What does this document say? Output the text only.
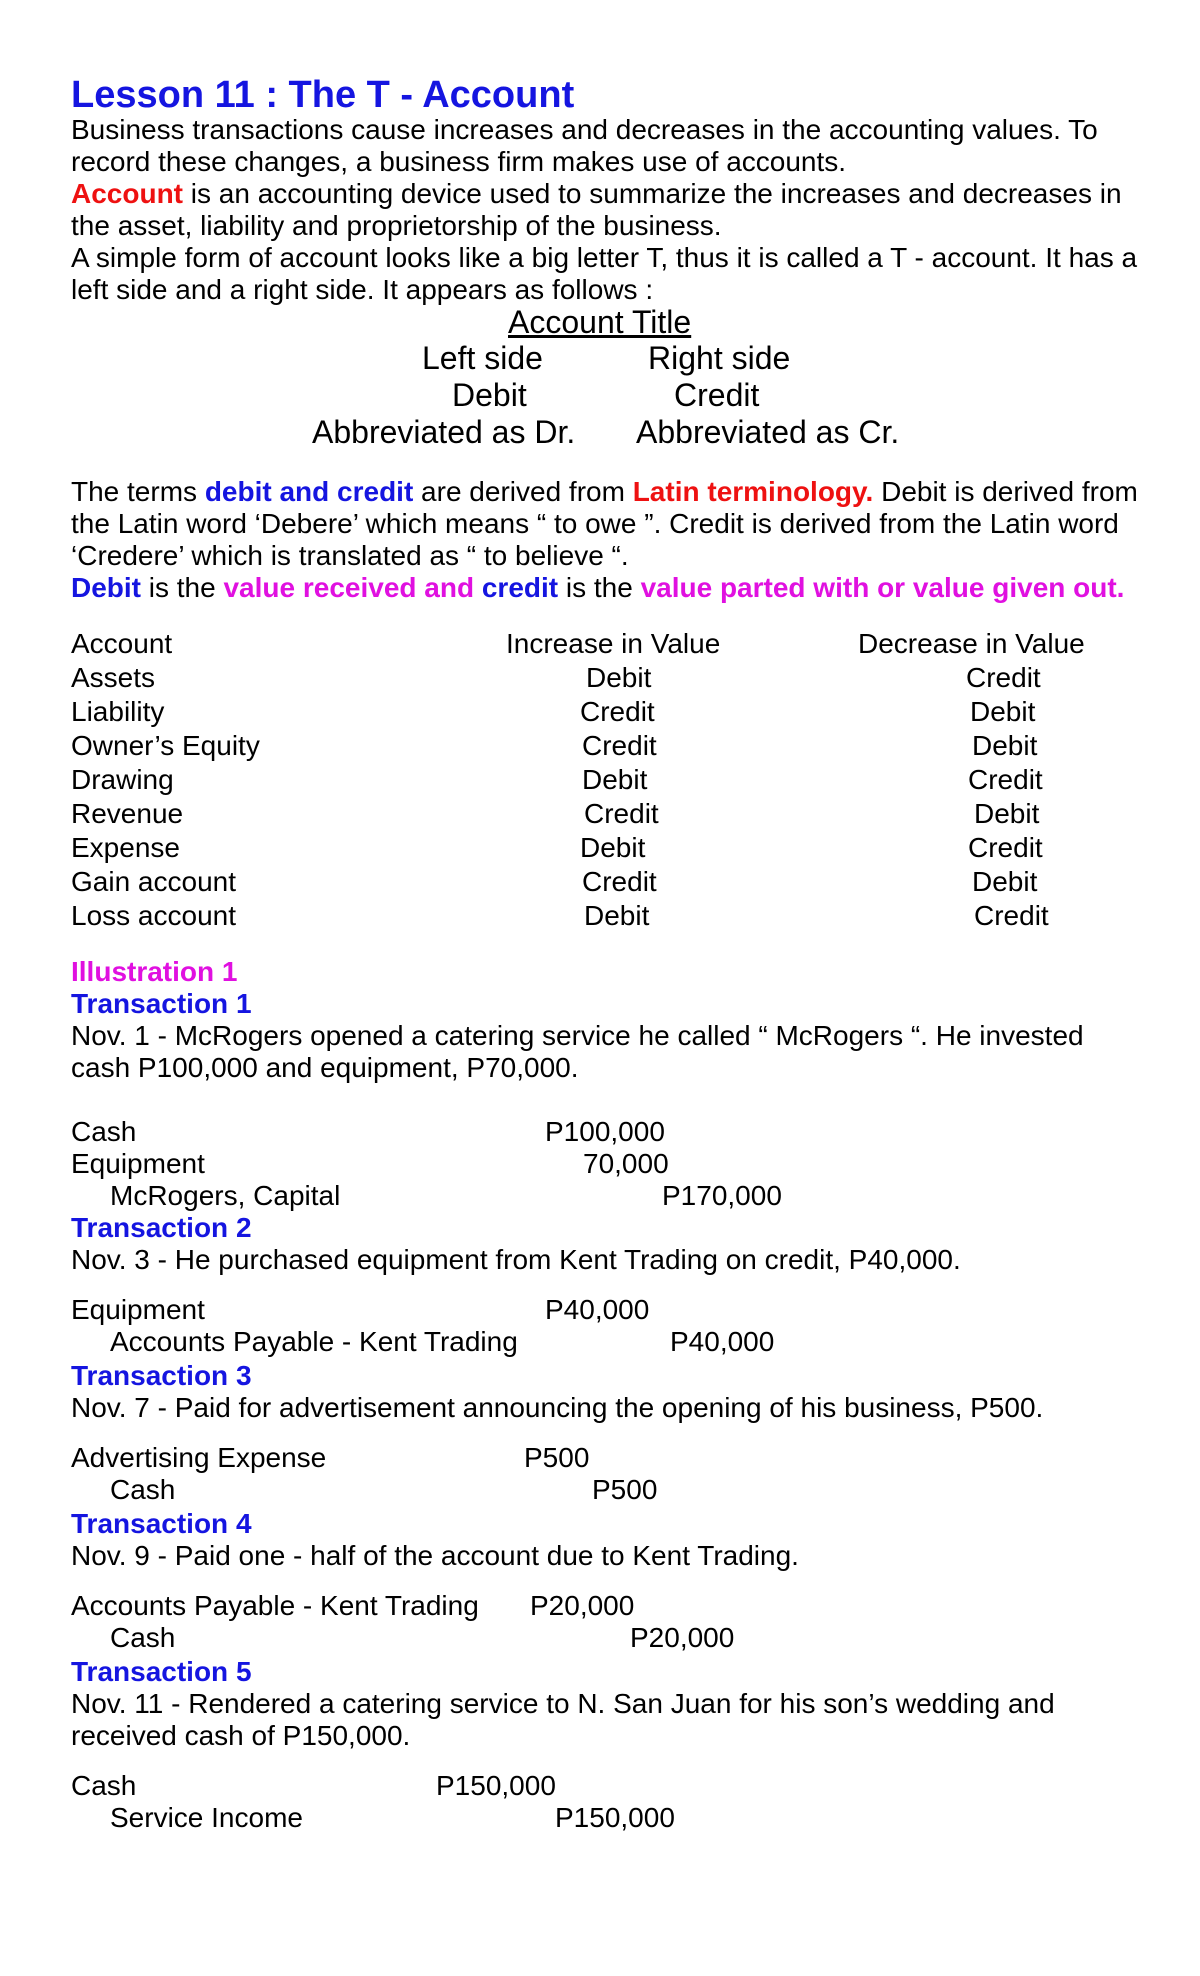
Lesson 11 : The T - Account
Business transactions cause increases and decreases in the accounting values. To
record these changes, a business firm makes use of accounts.
Account is an accounting device used to summarize the increases and decreases in
the asset, liability and proprietorship of the business.
A simple form of account looks like a big letter T, thus it is called a T - account. It has a
left side and a right side. It appears as follows :
Account Title
Left side	Right side
Debit	Credit
Abbreviated as Dr. Abbreviated as Cr.
The terms debit and credit are derived from Latin terminology. Debit is derived from
the Latin word ‘Debere’ which means “ to owe ”. Credit is derived from the Latin word
‘Credere’ which is translated as “ to believe “.
Debit is the value received and credit is the value parted with or value given out.
Account	Increase in Value	Decrease in Value
Assets	Debit	Credit
Liability	Credit	Debit
Owner’s Equity	Credit	Debit
Drawing	Debit	Credit
Revenue	Credit	Debit
Expense	Debit	Credit
Gain account	Credit	Debit
Loss account	Debit	Credit
Illustration 1
Transaction 1
Nov. 1 - McRogers opened a catering service he called “ McRogers “. He invested
cash P100,000 and equipment, P70,000.
Cash	P100,000
Equipment	70,000
McRogers, Capital	P170,000
Transaction 2
Nov. 3 - He purchased equipment from Kent Trading on credit, P40,000.
Equipment	P40,000
Accounts Payable - Kent Trading	P40,000
Transaction 3
Nov. 7 - Paid for advertisement announcing the opening of his business, P500.
Advertising Expense	P500
Cash	P500
Transaction 4
Nov. 9 - Paid one - half of the account due to Kent Trading.
Accounts Payable - Kent Trading P20,000
Cash	P20,000
Transaction 5
Nov. 11 - Rendered a catering service to N. San Juan for his son’s wedding and
received cash of P150,000.
Cash	P150,000
Service Income	P150,000
